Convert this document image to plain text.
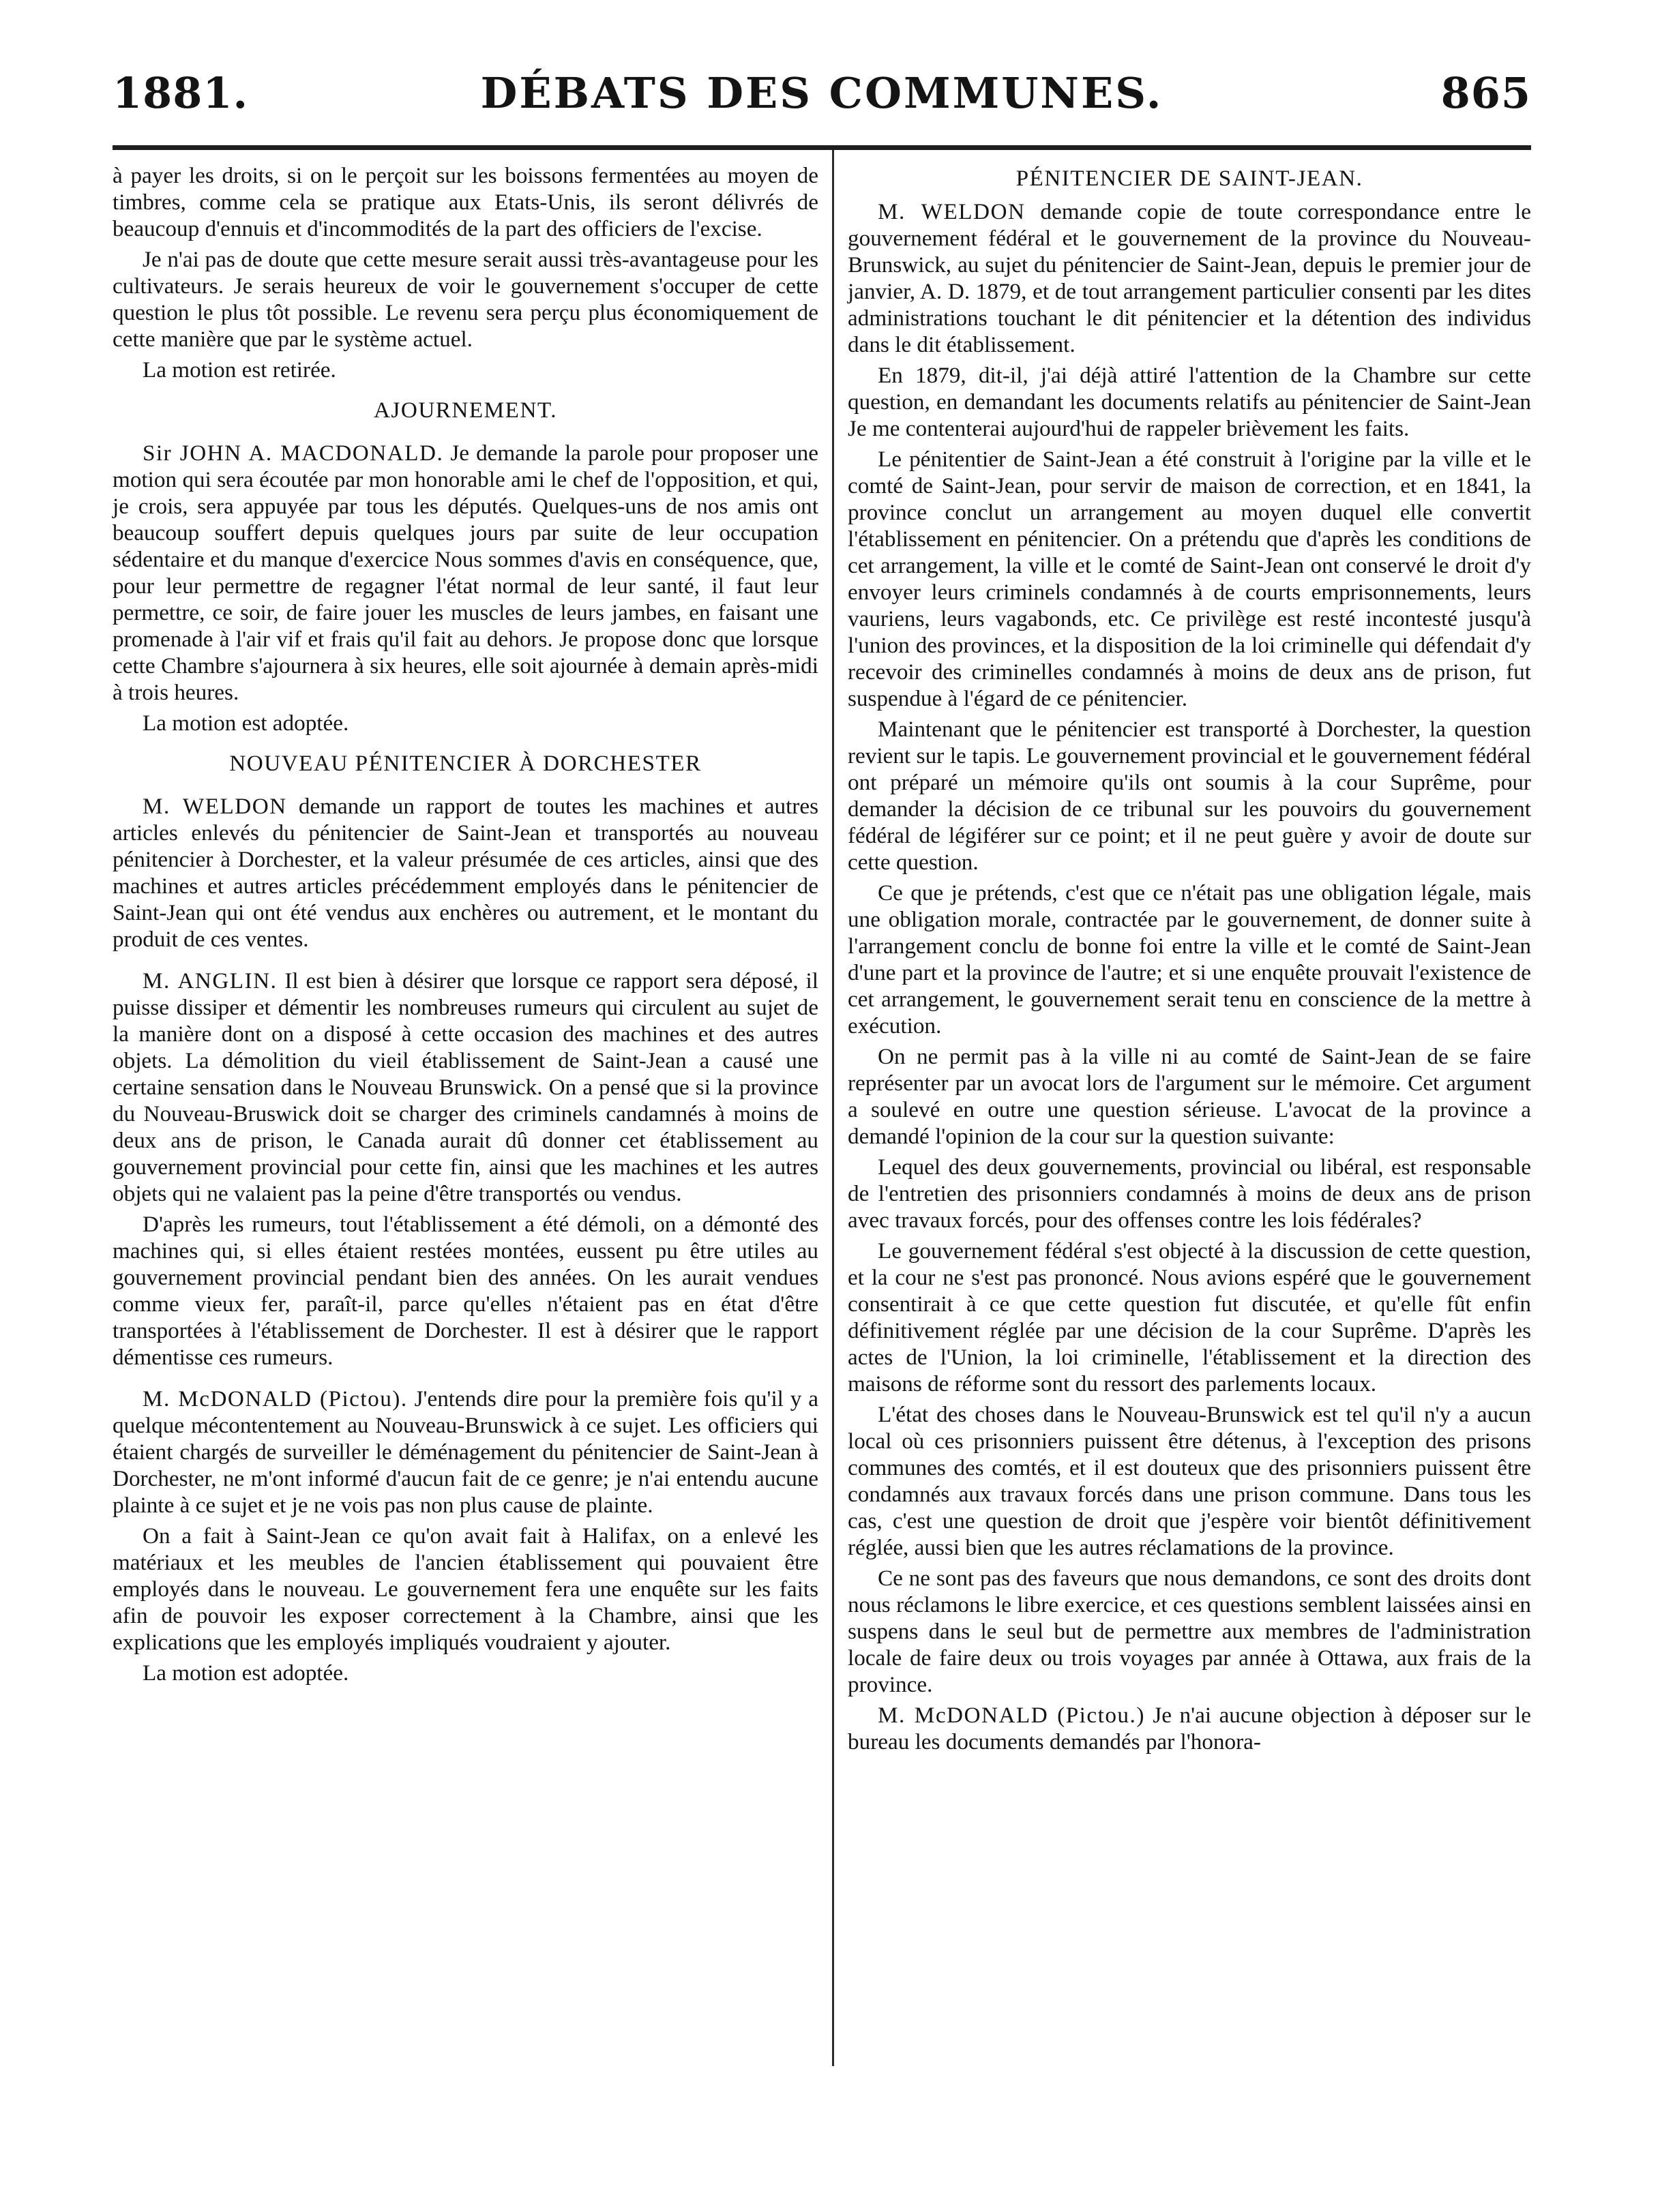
1881.	DÉBATS DES COMMUNES.	865

à payer les droits, si on le perçoit sur les boissons fermentées au moyen de timbres, comme cela se pratique aux Etats-Unis, ils seront délivrés de beaucoup d'ennuis et d'incommodités de la part des officiers de l'excise.

Je n'ai pas de doute que cette mesure serait aussi très-avantageuse pour les cultivateurs. Je serais heureux de voir le gouvernement s'occuper de cette question le plus tôt possible. Le revenu sera perçu plus économiquement de cette manière que par le système actuel.

La motion est retirée.

AJOURNEMENT.

Sir JOHN A. MACDONALD. Je demande la parole pour proposer une motion qui sera écoutée par mon honorable ami le chef de l'opposition, et qui, je crois, sera appuyée par tous les députés. Quelques-uns de nos amis ont beaucoup souffert depuis quelques jours par suite de leur occupation sédentaire et du manque d'exercice Nous sommes d'avis en conséquence, que, pour leur permettre de regagner l'état normal de leur santé, il faut leur permettre, ce soir, de faire jouer les muscles de leurs jambes, en faisant une promenade à l'air vif et frais qu'il fait au dehors. Je propose donc que lorsque cette Chambre s'ajournera à six heures, elle soit ajournée à demain après-midi à trois heures.

La motion est adoptée.

NOUVEAU PÉNITENCIER À DORCHESTER

M. WELDON demande un rapport de toutes les machines et autres articles enlevés du pénitencier de Saint-Jean et transportés au nouveau pénitencier à Dorchester, et la valeur présumée de ces articles, ainsi que des machines et autres articles précédemment employés dans le pénitencier de Saint-Jean qui ont été vendus aux enchères ou autrement, et le montant du produit de ces ventes.

M. ANGLIN. Il est bien à désirer que lorsque ce rapport sera déposé, il puisse dissiper et démentir les nombreuses rumeurs qui circulent au sujet de la manière dont on a disposé à cette occasion des machines et des autres objets. La démolition du vieil établissement de Saint-Jean a causé une certaine sensation dans le Nouveau Brunswick. On a pensé que si la province du Nouveau-Bruswick doit se charger des criminels candamnés à moins de deux ans de prison, le Canada aurait dû donner cet établissement au gouvernement provincial pour cette fin, ainsi que les machines et les autres objets qui ne valaient pas la peine d'être transportés ou vendus.

D'après les rumeurs, tout l'établissement a été démoli, on a démonté des machines qui, si elles étaient restées montées, eussent pu être utiles au gouvernement provincial pendant bien des années. On les aurait vendues comme vieux fer, paraît-il, parce qu'elles n'étaient pas en état d'être transportées à l'établissement de Dorchester. Il est à désirer que le rapport démentisse ces rumeurs.

M. McDONALD (Pictou). J'entends dire pour la première fois qu'il y a quelque mécontentement au Nouveau-Brunswick à ce sujet. Les officiers qui étaient chargés de surveiller le déménagement du pénitencier de Saint-Jean à Dorchester, ne m'ont informé d'aucun fait de ce genre; je n'ai entendu aucune plainte à ce sujet et je ne vois pas non plus cause de plainte.

On a fait à Saint-Jean ce qu'on avait fait à Halifax, on a enlevé les matériaux et les meubles de l'ancien établissement qui pouvaient être employés dans le nouveau. Le gouvernement fera une enquête sur les faits afin de pouvoir les exposer correctement à la Chambre, ainsi que les explications que les employés impliqués voudraient y ajouter.

La motion est adoptée.

PÉNITENCIER DE SAINT-JEAN.

M. WELDON demande copie de toute correspondance entre le gouvernement fédéral et le gouvernement de la province du Nouveau-Brunswick, au sujet du pénitencier de Saint-Jean, depuis le premier jour de janvier, A. D. 1879, et de tout arrangement particulier consenti par les dites administrations touchant le dit pénitencier et la détention des individus dans le dit établissement.

En 1879, dit-il, j'ai déjà attiré l'attention de la Chambre sur cette question, en demandant les documents relatifs au pénitencier de Saint-Jean Je me contenterai aujourd'hui de rappeler brièvement les faits.

Le pénitentier de Saint-Jean a été construit à l'origine par la ville et le comté de Saint-Jean, pour servir de maison de correction, et en 1841, la province conclut un arrangement au moyen duquel elle convertit l'établissement en pénitencier. On a prétendu que d'après les conditions de cet arrangement, la ville et le comté de Saint-Jean ont conservé le droit d'y envoyer leurs criminels condamnés à de courts emprisonnements, leurs vauriens, leurs vagabonds, etc. Ce privilège est resté incontesté jusqu'à l'union des provinces, et la disposition de la loi criminelle qui défendait d'y recevoir des criminelles condamnés à moins de deux ans de prison, fut suspendue à l'égard de ce pénitencier.

Maintenant que le pénitencier est transporté à Dorchester, la question revient sur le tapis. Le gouvernement provincial et le gouvernement fédéral ont préparé un mémoire qu'ils ont soumis à la cour Suprême, pour demander la décision de ce tribunal sur les pouvoirs du gouvernement fédéral de légiférer sur ce point; et il ne peut guère y avoir de doute sur cette question.

Ce que je prétends, c'est que ce n'était pas une obligation légale, mais une obligation morale, contractée par le gouvernement, de donner suite à l'arrangement conclu de bonne foi entre la ville et le comté de Saint-Jean d'une part et la province de l'autre; et si une enquête prouvait l'existence de cet arrangement, le gouvernement serait tenu en conscience de la mettre à exécution.

On ne permit pas à la ville ni au comté de Saint-Jean de se faire représenter par un avocat lors de l'argument sur le mémoire. Cet argument a soulevé en outre une question sérieuse. L'avocat de la province a demandé l'opinion de la cour sur la question suivante:

Lequel des deux gouvernements, provincial ou libéral, est responsable de l'entretien des prisonniers condamnés à moins de deux ans de prison avec travaux forcés, pour des offenses contre les lois fédérales?

Le gouvernement fédéral s'est objecté à la discussion de cette question, et la cour ne s'est pas prononcé. Nous avions espéré que le gouvernement consentirait à ce que cette question fut discutée, et qu'elle fût enfin définitivement réglée par une décision de la cour Suprême. D'après les actes de l'Union, la loi criminelle, l'établissement et la direction des maisons de réforme sont du ressort des parlements locaux.

L'état des choses dans le Nouveau-Brunswick est tel qu'il n'y a aucun local où ces prisonniers puissent être détenus, à l'exception des prisons communes des comtés, et il est douteux que des prisonniers puissent être condamnés aux travaux forcés dans une prison commune. Dans tous les cas, c'est une question de droit que j'espère voir bientôt définitivement réglée, aussi bien que les autres réclamations de la province.

Ce ne sont pas des faveurs que nous demandons, ce sont des droits dont nous réclamons le libre exercice, et ces questions semblent laissées ainsi en suspens dans le seul but de permettre aux membres de l'administration locale de faire deux ou trois voyages par année à Ottawa, aux frais de la province.

M. McDONALD (Pictou.) Je n'ai aucune objection à déposer sur le bureau les documents demandés par l'honora-
